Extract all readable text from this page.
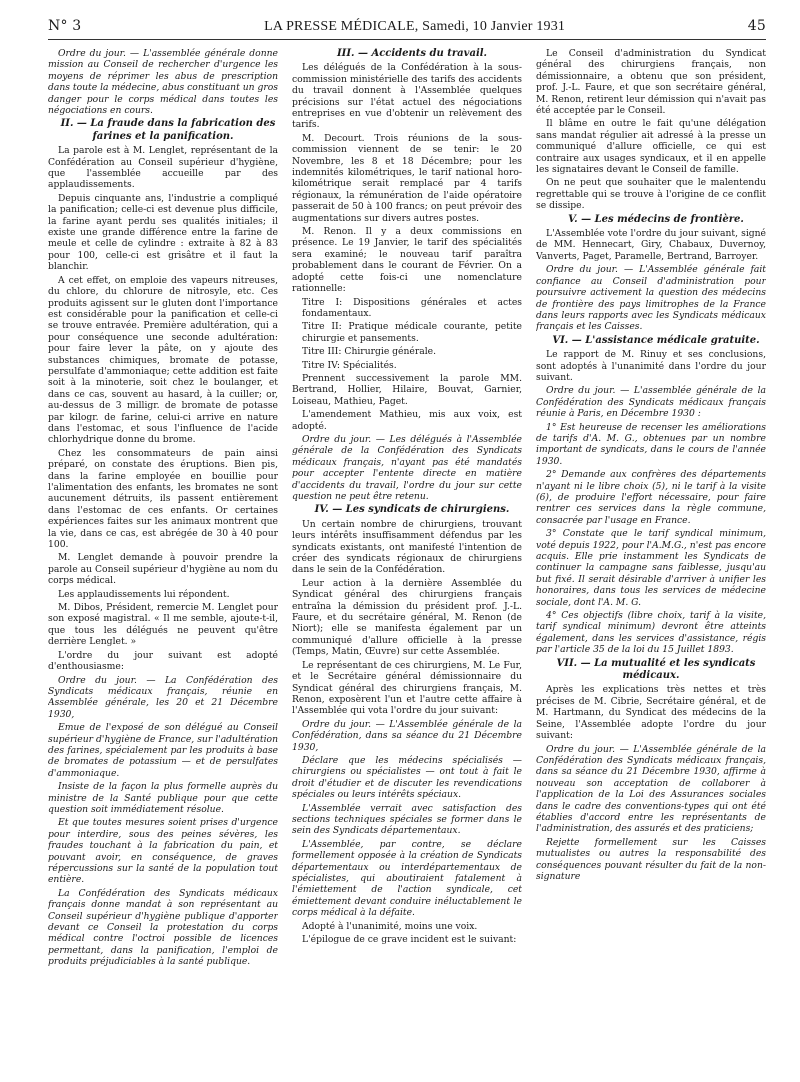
N° 3	LA PRESSE MÉDICALE, Samedi, 10 Janvier 1931	45

Ordre du jour. — L'assemblée générale donne mission au Conseil de rechercher d'urgence les moyens de réprimer les abus de prescription dans toute la médecine, abus constituant un gros danger pour le corps médical dans toutes les négociations en cours.

II. — La fraude dans la fabrication des farines et la panification.

La parole est à M. Lenglet, représentant de la Confédération au Conseil supérieur d'hygiène, que l'assemblée accueille par des applaudissements.

Depuis cinquante ans, l'industrie a compliqué la panification; celle-ci est devenue plus difficile, la farine ayant perdu ses qualités initiales; il existe une grande différence entre la farine de meule et celle de cylindre : extraite à 82 à 83 pour 100, celle-ci est grisâtre et il faut la blanchir.

A cet effet, on emploie des vapeurs nitreuses, du chlore, du chlorure de nitrosyle, etc. Ces produits agissent sur le gluten dont l'importance est considérable pour la panification et celle-ci se trouve entravée. Première adultération, qui a pour conséquence une seconde adultération: pour faire lever la pâte, on y ajoute des substances chimiques, bromate de potasse, persulfate d'ammoniaque; cette addition est faite soit à la minoterie, soit chez le boulanger, et dans ce cas, souvent au hasard, à la cuiller; or, au-dessus de 3 milligr. de bromate de potasse par kilogr. de farine, celui-ci arrive en nature dans l'estomac, et sous l'influence de l'acide chlorhydrique donne du brome.

Chez les consommateurs de pain ainsi préparé, on constate des éruptions. Bien pis, dans la farine employée en bouillie pour l'alimentation des enfants, les bromates ne sont aucunement détruits, ils passent entièrement dans l'estomac de ces enfants. Or certaines expériences faites sur les animaux montrent que la vie, dans ce cas, est abrégée de 30 à 40 pour 100.

M. Lenglet demande à pouvoir prendre la parole au Conseil supérieur d'hygiène au nom du corps médical.

Les applaudissements lui répondent.

M. Dibos, Président, remercie M. Lenglet pour son exposé magistral. « Il me semble, ajoute-t-il, que tous les délégués ne peuvent qu'être derrière Lenglet. »

L'ordre du jour suivant est adopté d'enthousiasme:

Ordre du jour. — La Confédération des Syndicats médicaux français, réunie en Assemblée générale, les 20 et 21 Décembre 1930,

Emue de l'exposé de son délégué au Conseil supérieur d'hygiène de France, sur l'adultération des farines, spécialement par les produits à base de bromates de potassium — et de persulfates d'ammoniaque.

Insiste de la façon la plus formelle auprès du ministre de la Santé publique pour que cette question soit immédiatement résolue.

Et que toutes mesures soient prises d'urgence pour interdire, sous des peines sévères, les fraudes touchant à la fabrication du pain, et pouvant avoir, en conséquence, de graves répercussions sur la santé de la population tout entière.

La Confédération des Syndicats médicaux français donne mandat à son représentant au Conseil supérieur d'hygiène publique d'apporter devant ce Conseil la protestation du corps médical contre l'octroi possible de licences permettant, dans la panification, l'emploi de produits préjudiciables à la santé publique.

III. — Accidents du travail.

Les délégués de la Confédération à la sous-commission ministérielle des tarifs des accidents du travail donnent à l'Assemblée quelques précisions sur l'état actuel des négociations entreprises en vue d'obtenir un relèvement des tarifs.

M. Decourt. Trois réunions de la sous-commission viennent de se tenir: le 20 Novembre, les 8 et 18 Décembre; pour les indemnités kilométriques, le tarif national horo-kilométrique serait remplacé par 4 tarifs régionaux, la rémunération de l'aide opératoire passerait de 50 à 100 francs; on peut prévoir des augmentations sur divers autres postes.

M. Renon. Il y a deux commissions en présence. Le 19 Janvier, le tarif des spécialités sera examiné; le nouveau tarif paraîtra probablement dans le courant de Février. On a adopté cette fois-ci une nomenclature rationnelle:

Titre I: Dispositions générales et actes fondamentaux.

Titre II: Pratique médicale courante, petite chirurgie et pansements.

Titre III: Chirurgie générale.

Titre IV: Spécialités.

Prennent successivement la parole MM. Bertrand, Hollier, Hilaire, Bouvat, Garnier, Loiseau, Mathieu, Paget.

L'amendement Mathieu, mis aux voix, est adopté.

Ordre du jour. — Les délégués à l'Assemblée générale de la Confédération des Syndicats médicaux français, n'ayant pas été mandatés pour accepter l'entente directe en matière d'accidents du travail, l'ordre du jour sur cette question ne peut être retenu.

IV. — Les syndicats de chirurgiens.

Un certain nombre de chirurgiens, trouvant leurs intérêts insuffisamment défendus par les syndicats existants, ont manifesté l'intention de créer des syndicats régionaux de chirurgiens dans le sein de la Confédération.

Leur action à la dernière Assemblée du Syndicat général des chirurgiens français entraîna la démission du président prof. J.-L. Faure, et du secrétaire général, M. Renon (de Niort); elle se manifesta également par un communiqué d'allure officielle à la presse (Temps, Matin, Œuvre) sur cette Assemblée.

Le représentant de ces chirurgiens, M. Le Fur, et le Secrétaire général démissionnaire du Syndicat général des chirurgiens français, M. Renon, exposèrent l'un et l'autre cette affaire à l'Assemblée qui vota l'ordre du jour suivant:

Ordre du jour. — L'Assemblée générale de la Confédération, dans sa séance du 21 Décembre 1930,

Déclare que les médecins spécialisés — chirurgiens ou spécialistes — ont tout à fait le droit d'étudier et de discuter les revendications spéciales ou leurs intérêts spéciaux.

L'Assemblée verrait avec satisfaction des sections techniques spéciales se former dans le sein des Syndicats départementaux.

L'Assemblée, par contre, se déclare formellement opposée à la création de Syndicats départementaux ou interdépartementaux de spécialistes, qui aboutiraient fatalement à l'émiettement de l'action syndicale, cet émiettement devant conduire inéluctablement le corps médical à la défaite.

Adopté à l'unanimité, moins une voix.

L'épilogue de ce grave incident est le suivant:

Le Conseil d'administration du Syndicat général des chirurgiens français, non démissionnaire, a obtenu que son président, prof. J.-L. Faure, et que son secrétaire général, M. Renon, retirent leur démission qui n'avait pas été acceptée par le Conseil.

Il blâme en outre le fait qu'une délégation sans mandat régulier ait adressé à la presse un communiqué d'allure officielle, ce qui est contraire aux usages syndicaux, et il en appelle les signataires devant le Conseil de famille.

On ne peut que souhaiter que le malentendu regrettable qui se trouve à l'origine de ce conflit se dissipe.

V. — Les médecins de frontière.

L'Assemblée vote l'ordre du jour suivant, signé de MM. Hennecart, Giry, Chabaux, Duvernoy, Vanverts, Paget, Paramelle, Bertrand, Barroyer.

Ordre du jour. — L'Assemblée générale fait confiance au Conseil d'administration pour poursuivre activement la question des médecins de frontière des pays limitrophes de la France dans leurs rapports avec les Syndicats médicaux français et les Caisses.

VI. — L'assistance médicale gratuite.

Le rapport de M. Rinuy et ses conclusions, sont adoptés à l'unanimité dans l'ordre du jour suivant.

Ordre du jour. — L'assemblée générale de la Confédération des Syndicats médicaux français réunie à Paris, en Décembre 1930 :

1° Est heureuse de recenser les améliorations de tarifs d'A. M. G., obtenues par un nombre important de syndicats, dans le cours de l'année 1930.

2° Demande aux confrères des départements n'ayant ni le libre choix (5), ni le tarif à la visite (6), de produire l'effort nécessaire, pour faire rentrer ces services dans la règle commune, consacrée par l'usage en France.

3° Constate que le tarif syndical minimum, voté depuis 1922, pour l'A.M.G., n'est pas encore acquis. Elle prie instamment les Syndicats de continuer la campagne sans faiblesse, jusqu'au but fixé. Il serait désirable d'arriver à unifier les honoraires, dans tous les services de médecine sociale, dont l'A. M. G.

4° Ces objectifs (libre choix, tarif à la visite, tarif syndical minimum) devront être atteints également, dans les services d'assistance, régis par l'article 35 de la loi du 15 Juillet 1893.

VII. — La mutualité et les syndicats médicaux.

Après les explications très nettes et très précises de M. Cibrie, Secrétaire général, et de M. Hartmann, du Syndicat des médecins de la Seine, l'Assemblée adopte l'ordre du jour suivant:

Ordre du jour. — L'Assemblée générale de la Confédération des Syndicats médicaux français, dans sa séance du 21 Décembre 1930, affirme à nouveau son acceptation de collaborer à l'application de la Loi des Assurances sociales dans le cadre des conventions-types qui ont été établies d'accord entre les représentants de l'administration, des assurés et des praticiens;

Rejette formellement sur les Caisses mutualistes ou autres la responsabilité des conséquences pouvant résulter du fait de la non-signature
